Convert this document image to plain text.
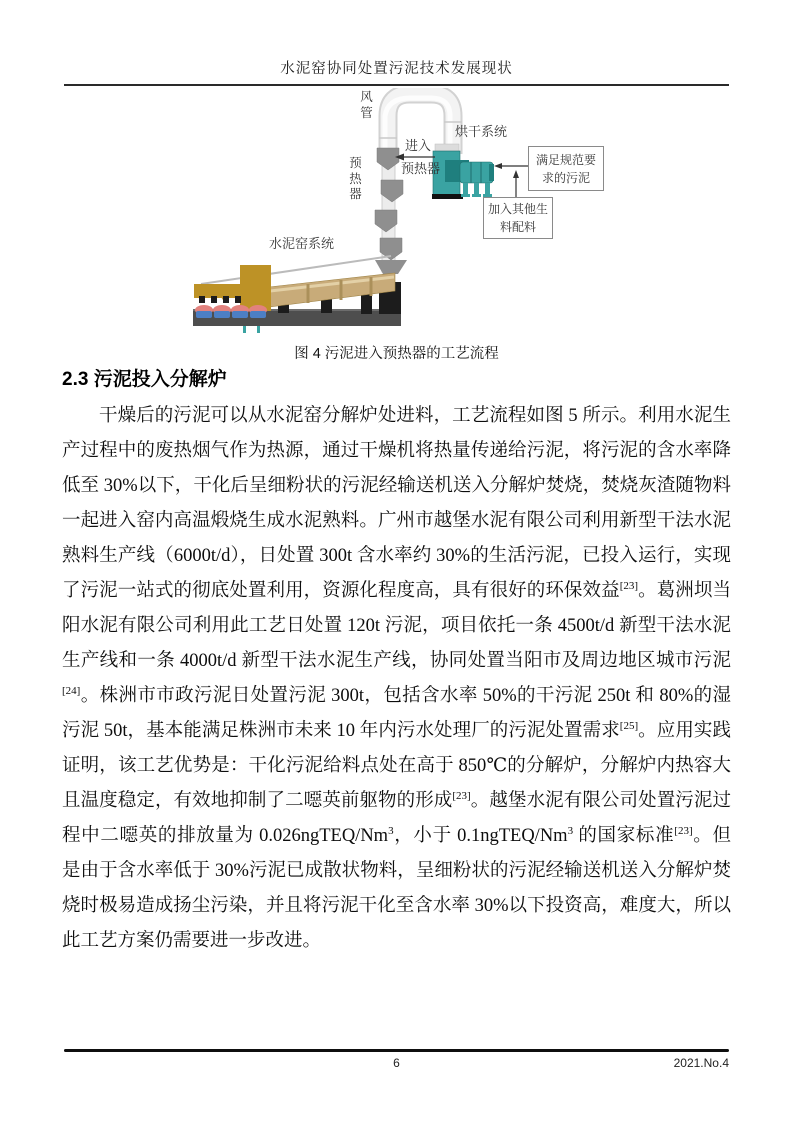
水泥窑协同处置污泥技术发展现状
风管
烘干系统
进入
预热器
预热器
水泥窑系统
满足规范要
求的污泥
加入其他生
料配料
图 4 污泥进入预热器的工艺流程
2.3 污泥投入分解炉
干燥后的污泥可以从水泥窑分解炉处进料，工艺流程如图 5 所示。利用水泥生产过程中的废热烟气作为热源，通过干燥机将热量传递给污泥，将污泥的含水率降低至 30%以下，干化后呈细粉状的污泥经输送机送入分解炉焚烧，焚烧灰渣随物料一起进入窑内高温煅烧生成水泥熟料。广州市越堡水泥有限公司利用新型干法水泥熟料生产线（6000t/d），日处置 300t 含水率约 30%的生活污泥，已投入运行，实现了污泥一站式的彻底处置利用，资源化程度高，具有很好的环保效益[23]。葛洲坝当阳水泥有限公司利用此工艺日处置 120t 污泥，项目依托一条 4500t/d 新型干法水泥生产线和一条 4000t/d 新型干法水泥生产线，协同处置当阳市及周边地区城市污泥[24]。株洲市市政污泥日处置污泥 300t，包括含水率 50%的干污泥 250t 和 80%的湿污泥 50t，基本能满足株洲市未来 10 年内污水处理厂的污泥处置需求[25]。应用实践证明，该工艺优势是：干化污泥给料点处在高于 850℃的分解炉，分解炉内热容大且温度稳定，有效地抑制了二噁英前躯物的形成[23]。越堡水泥有限公司处置污泥过程中二噁英的排放量为 0.026ngTEQ/Nm$^3$，小于 0.1ngTEQ/Nm$^3$ 的国家标准[23]。但是由于含水率低于 30%污泥已成散状物料，呈细粉状的污泥经输送机送入分解炉焚烧时极易造成扬尘污染，并且将污泥干化至含水率 30%以下投资高，难度大，所以此工艺方案仍需要进一步改进。
6	2021.No.4
